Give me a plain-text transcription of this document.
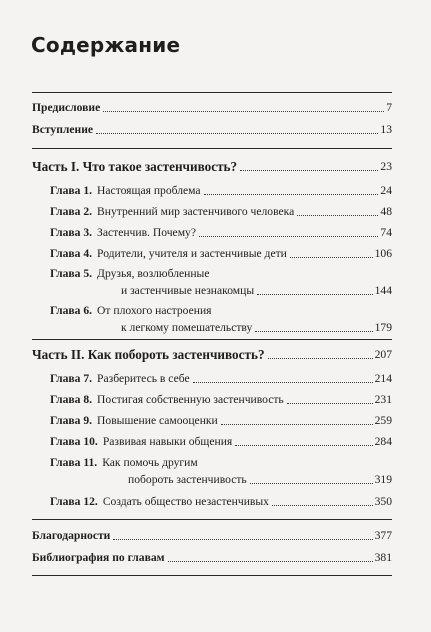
Содержание
Предисловие	7
Вступление	13
Часть I. Что такое застенчивость?	23
Глава 1. Настоящая проблема	24
Глава 2. Внутренний мир застенчивого человека	48
Глава 3. Застенчив. Почему?	74
Глава 4. Родители, учителя и застенчивые дети	106
Глава 5. Друзья, возлюбленные
и застенчивые незнакомцы	144
Глава 6. От плохого настроения
к легкому помешательству	179
Часть II. Как побороть застенчивость?	207
Глава 7. Разберитесь в себе	214
Глава 8. Постигая собственную застенчивость	231
Глава 9. Повышение самооценки	259
Глава 10. Развивая навыки общения	284
Глава 11. Как помочь другим
побороть застенчивость	319
Глава 12. Создать общество незастенчивых	350
Благодарности	377
Библиография по главам	381
